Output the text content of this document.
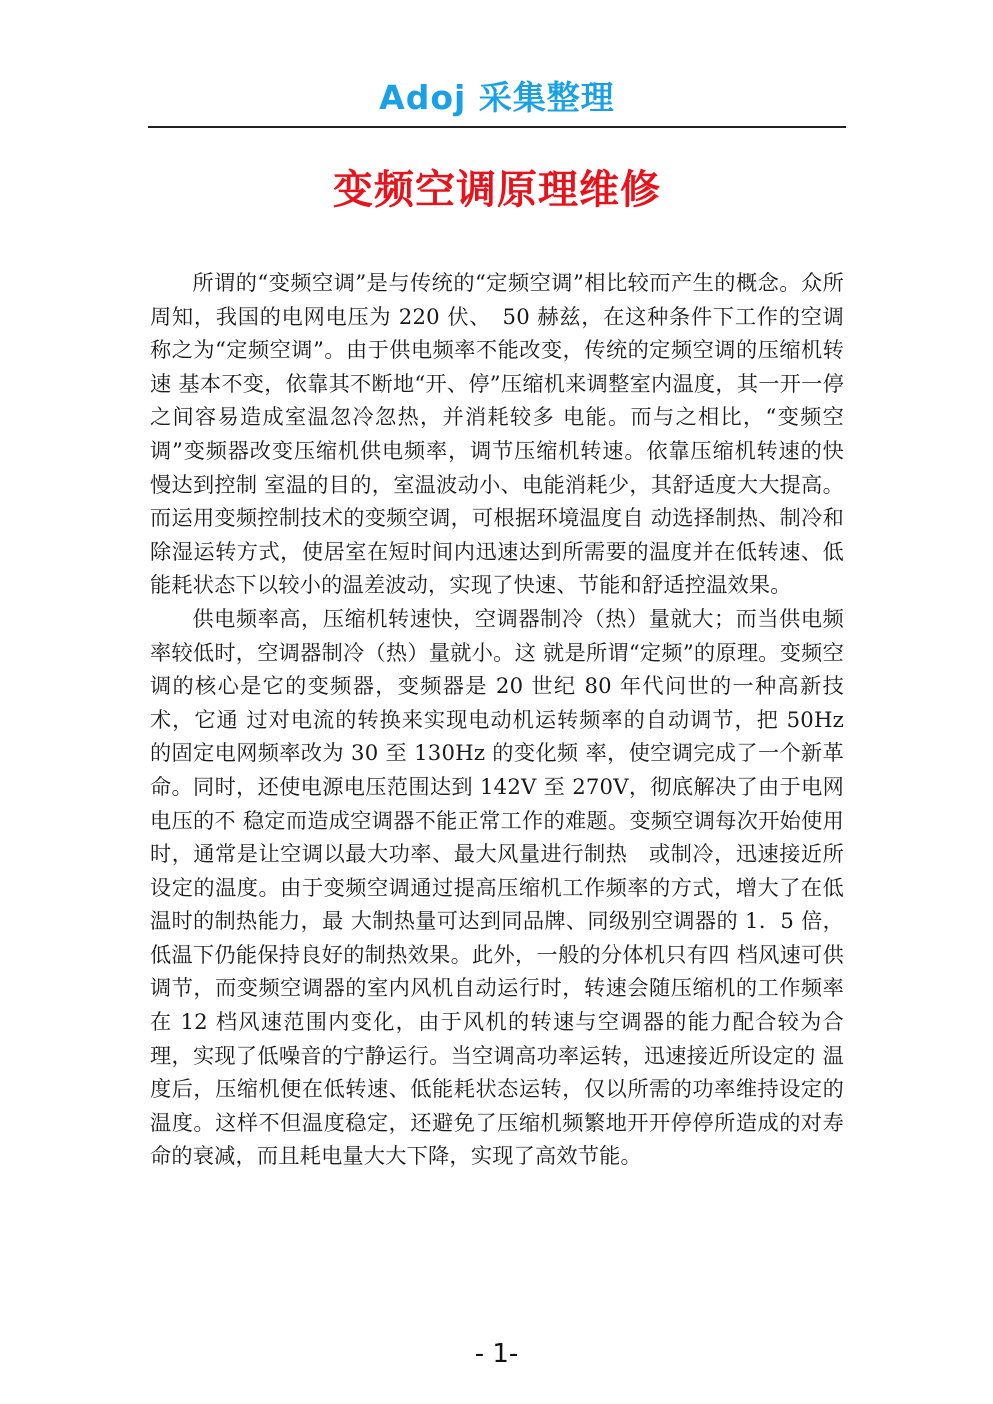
Adoj 采集整理
变频空调原理维修

所谓的“变频空调”是与传统的“定频空调”相比较而产生的概念。众所周知，我国的电网电压为 220 伏、　50 赫兹，在这种条件下工作的空调称之为“定频空调”。由于供电频率不能改变，传统的定频空调的压缩机转速 基本不变，依靠其不断地“开、停”压缩机来调整室内温度，其一开一停之间容易造成室温忽冷忽热，并消耗较多 电能。而与之相比，“变频空调”变频器改变压缩机供电频率，调节压缩机转速。依靠压缩机转速的快慢达到控制 室温的目的，室温波动小、电能消耗少，其舒适度大大提高。而运用变频控制技术的变频空调，可根据环境温度自 动选择制热、制冷和除湿运转方式，使居室在短时间内迅速达到所需要的温度并在低转速、低能耗状态下以较小的温差波动，实现了快速、节能和舒适控温效果。

供电频率高，压缩机转速快，空调器制冷（热）量就大；而当供电频率较低时，空调器制冷（热）量就小。这 就是所谓“定频”的原理。变频空调的核心是它的变频器，变频器是 20 世纪 80 年代问世的一种高新技术，它通 过对电流的转换来实现电动机运转频率的自动调节，把 50Hz 的固定电网频率改为 30 至 130Hz 的变化频 率，使空调完成了一个新革命。同时，还使电源电压范围达到 142V 至 270V，彻底解决了由于电网电压的不 稳定而造成空调器不能正常工作的难题。变频空调每次开始使用时，通常是让空调以最大功率、最大风量进行制热　或制冷，迅速接近所设定的温度。由于变频空调通过提高压缩机工作频率的方式，增大了在低温时的制热能力，最 大制热量可达到同品牌、同级别空调器的 1．5 倍，低温下仍能保持良好的制热效果。此外，一般的分体机只有四 档风速可供调节，而变频空调器的室内风机自动运行时，转速会随压缩机的工作频率在 12 档风速范围内变化，由于风机的转速与空调器的能力配合较为合理，实现了低噪音的宁静运行。当空调高功率运转，迅速接近所设定的 温度后，压缩机便在低转速、低能耗状态运转，仅以所需的功率维持设定的温度。这样不但温度稳定，还避免了压缩机频繁地开开停停所造成的对寿命的衰减，而且耗电量大大下降，实现了高效节能。

- 1-
